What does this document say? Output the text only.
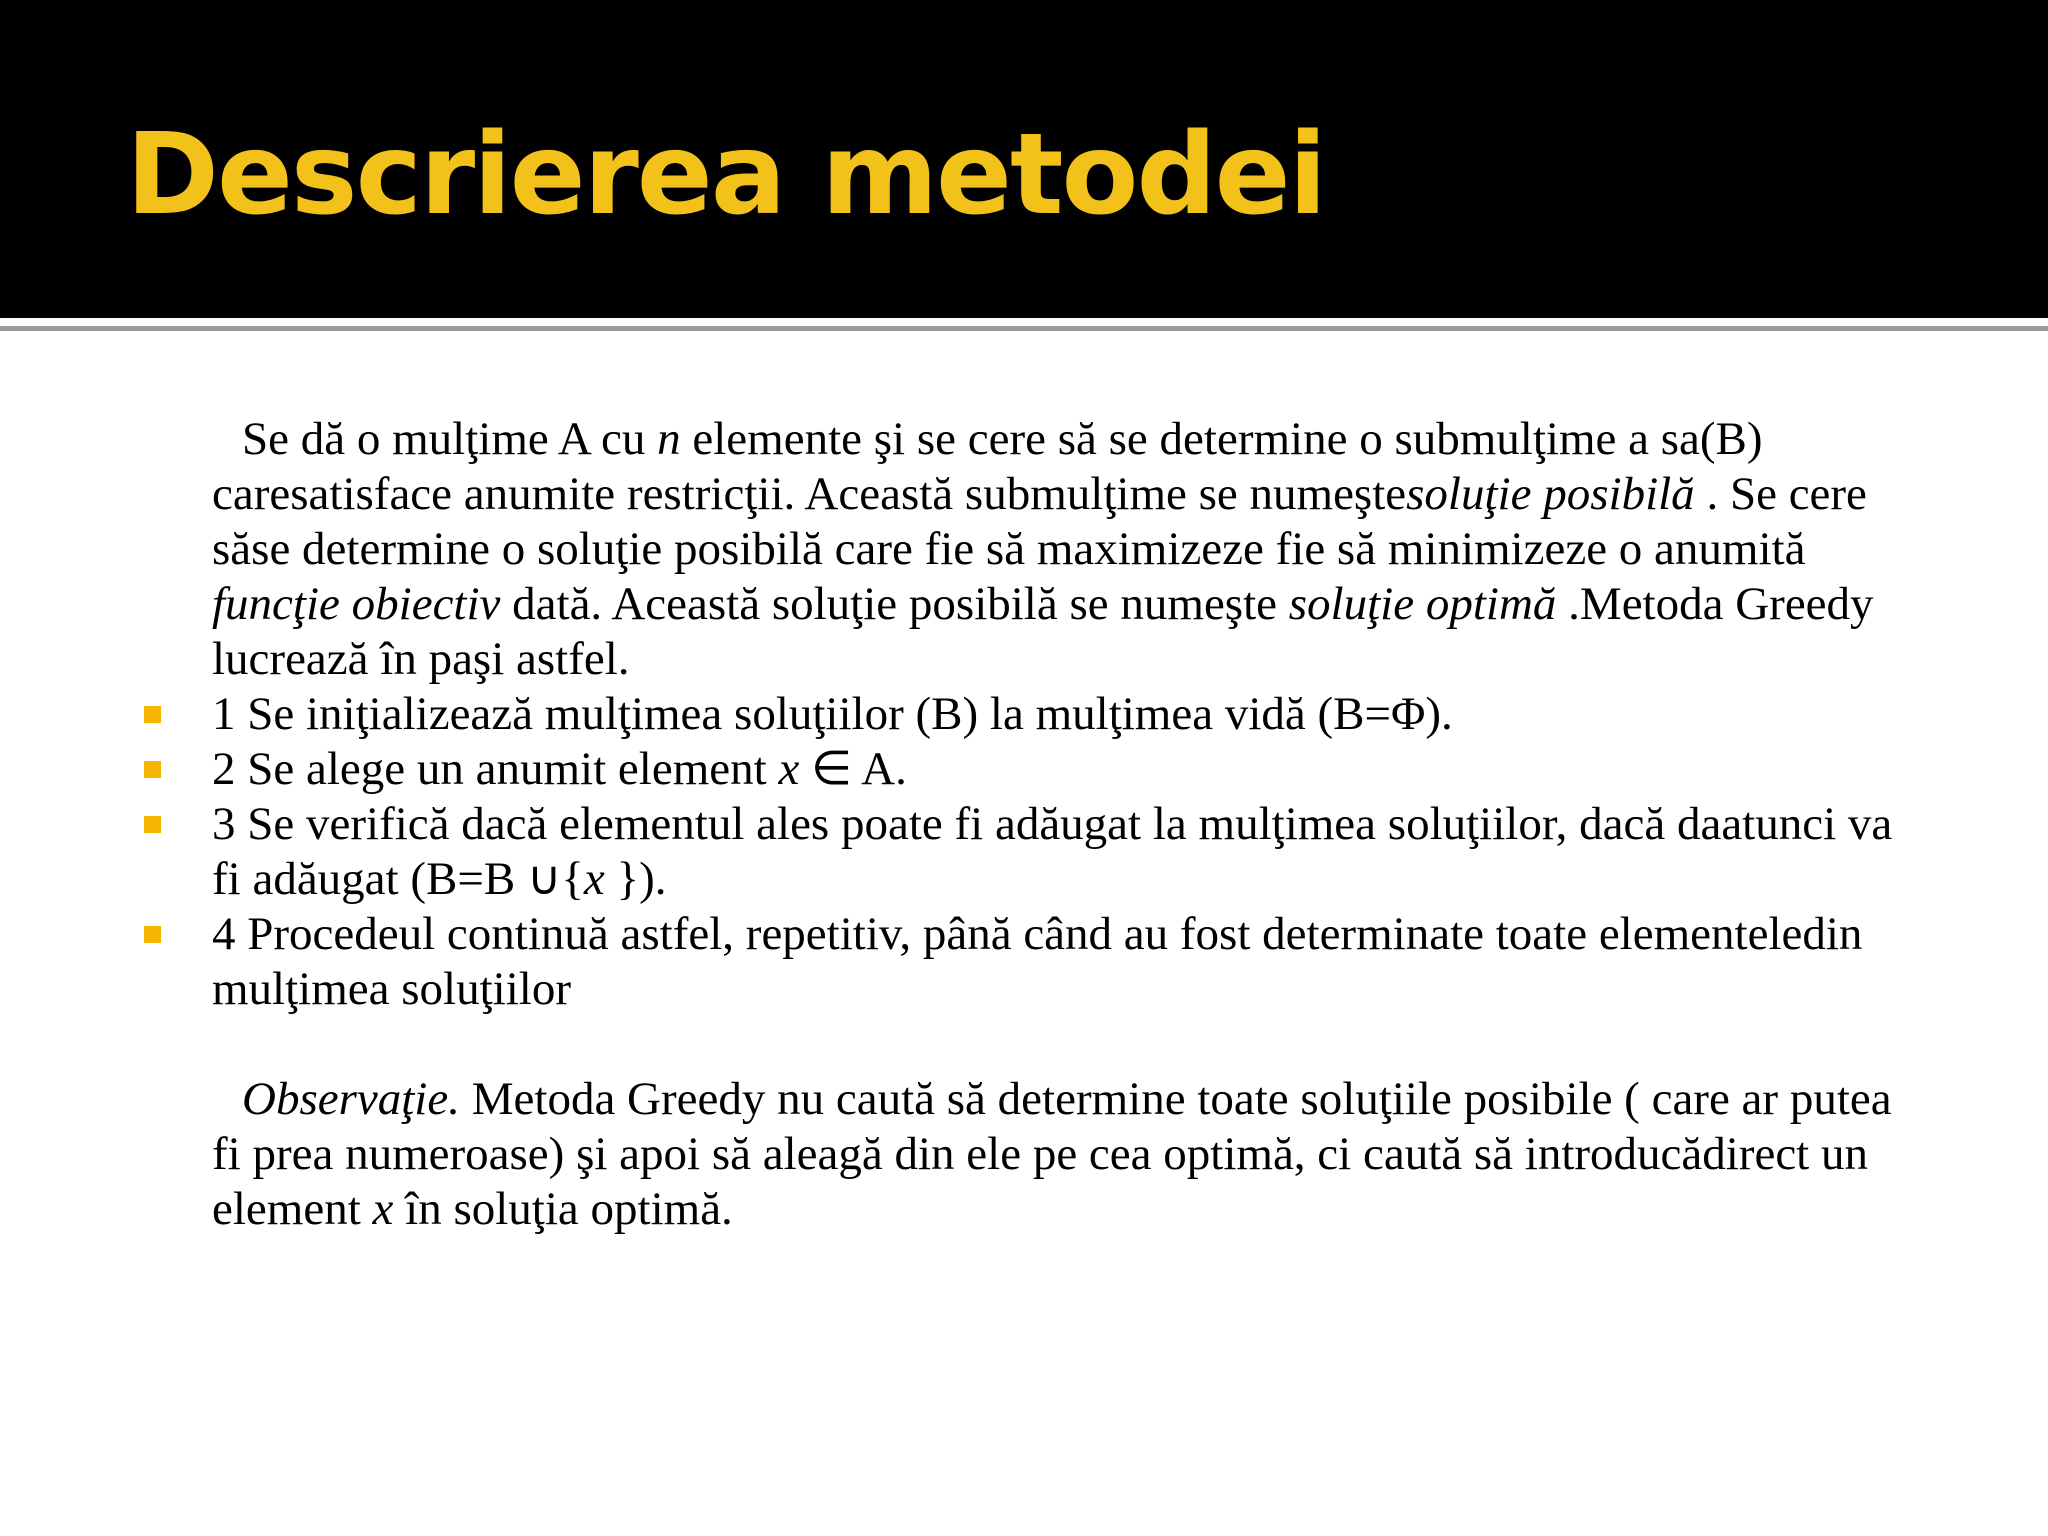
Descrierea metodei

Se dă o mulţime A cu n elemente şi se cere să se determine o submulţime a sa(B) caresatisface anumite restricţii. Această submulţime se numeştesoluţie posibilă . Se cere săse determine o soluţie posibilă care fie să maximizeze fie să minimizeze o anumită funcţie obiectiv dată. Această soluţie posibilă se numeşte soluţie optimă .Metoda Greedy lucrează în paşi astfel.

1 Se iniţializează mulţimea soluţiilor (B) la mulţimea vidă (B=Φ).
2 Se alege un anumit element x ∈ A.
3 Se verifică dacă elementul ales poate fi adăugat la mulţimea soluţiilor, dacă daatunci va fi adăugat (B=B ∪{x }).
4 Procedeul continuă astfel, repetitiv, până când au fost determinate toate elementeledin mulţimea soluţiilor

Observaţie. Metoda Greedy nu caută să determine toate soluţiile posibile ( care ar putea fi prea numeroase) şi apoi să aleagă din ele pe cea optimă, ci caută să introducădirect un element x în soluţia optimă.
